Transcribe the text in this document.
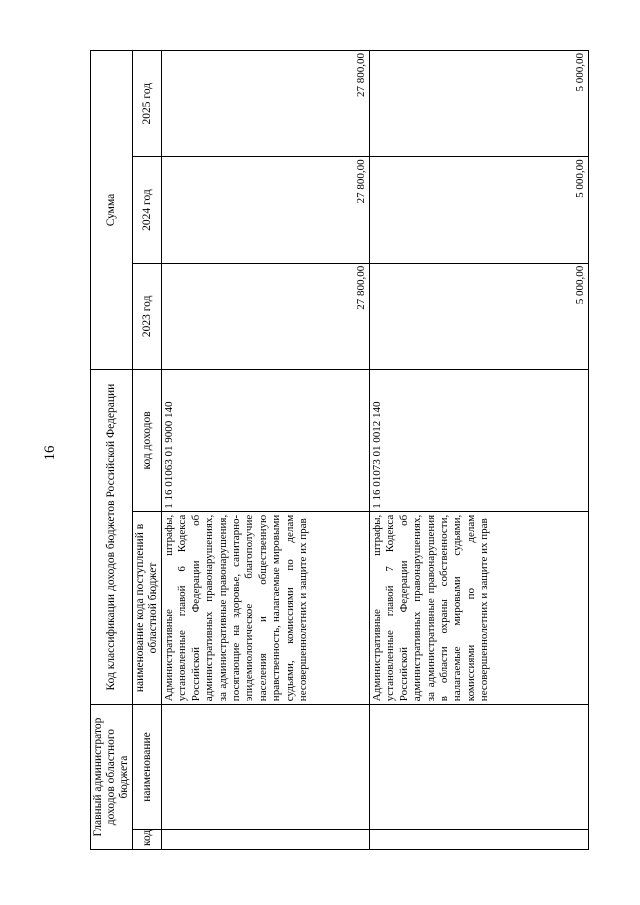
16
Главный администратор доходов областного бюджета		Код классификации доходов бюджетов Российской Федерации		Сумма		
код	наименование	наименование кода поступлений в областной бюджет	код доходов	2023 год	2024 год	2025 год
		Административные штрафы, установленные главой 6 Кодекса Российской Федерации об административных правонарушениях, за административные правонарушения, посягающие на здоровье, санитарно-эпидемиологическое благополучие населения и общественную нравственность, налагаемые мировыми судьями, комиссиями по делам несовершеннолетних и защите их прав	1 16 01063 01 9000 140	27 800,00	27 800,00	27 800,00
		Административные штрафы, установленные главой 7 Кодекса Российской Федерации об административных правонарушениях, за административные правонарушения в области охраны собственности, налагаемые мировыми судьями, комиссиями по делам несовершеннолетних и защите их прав	1 16 01073 01 0012 140	5 000,00	5 000,00	5 000,00
